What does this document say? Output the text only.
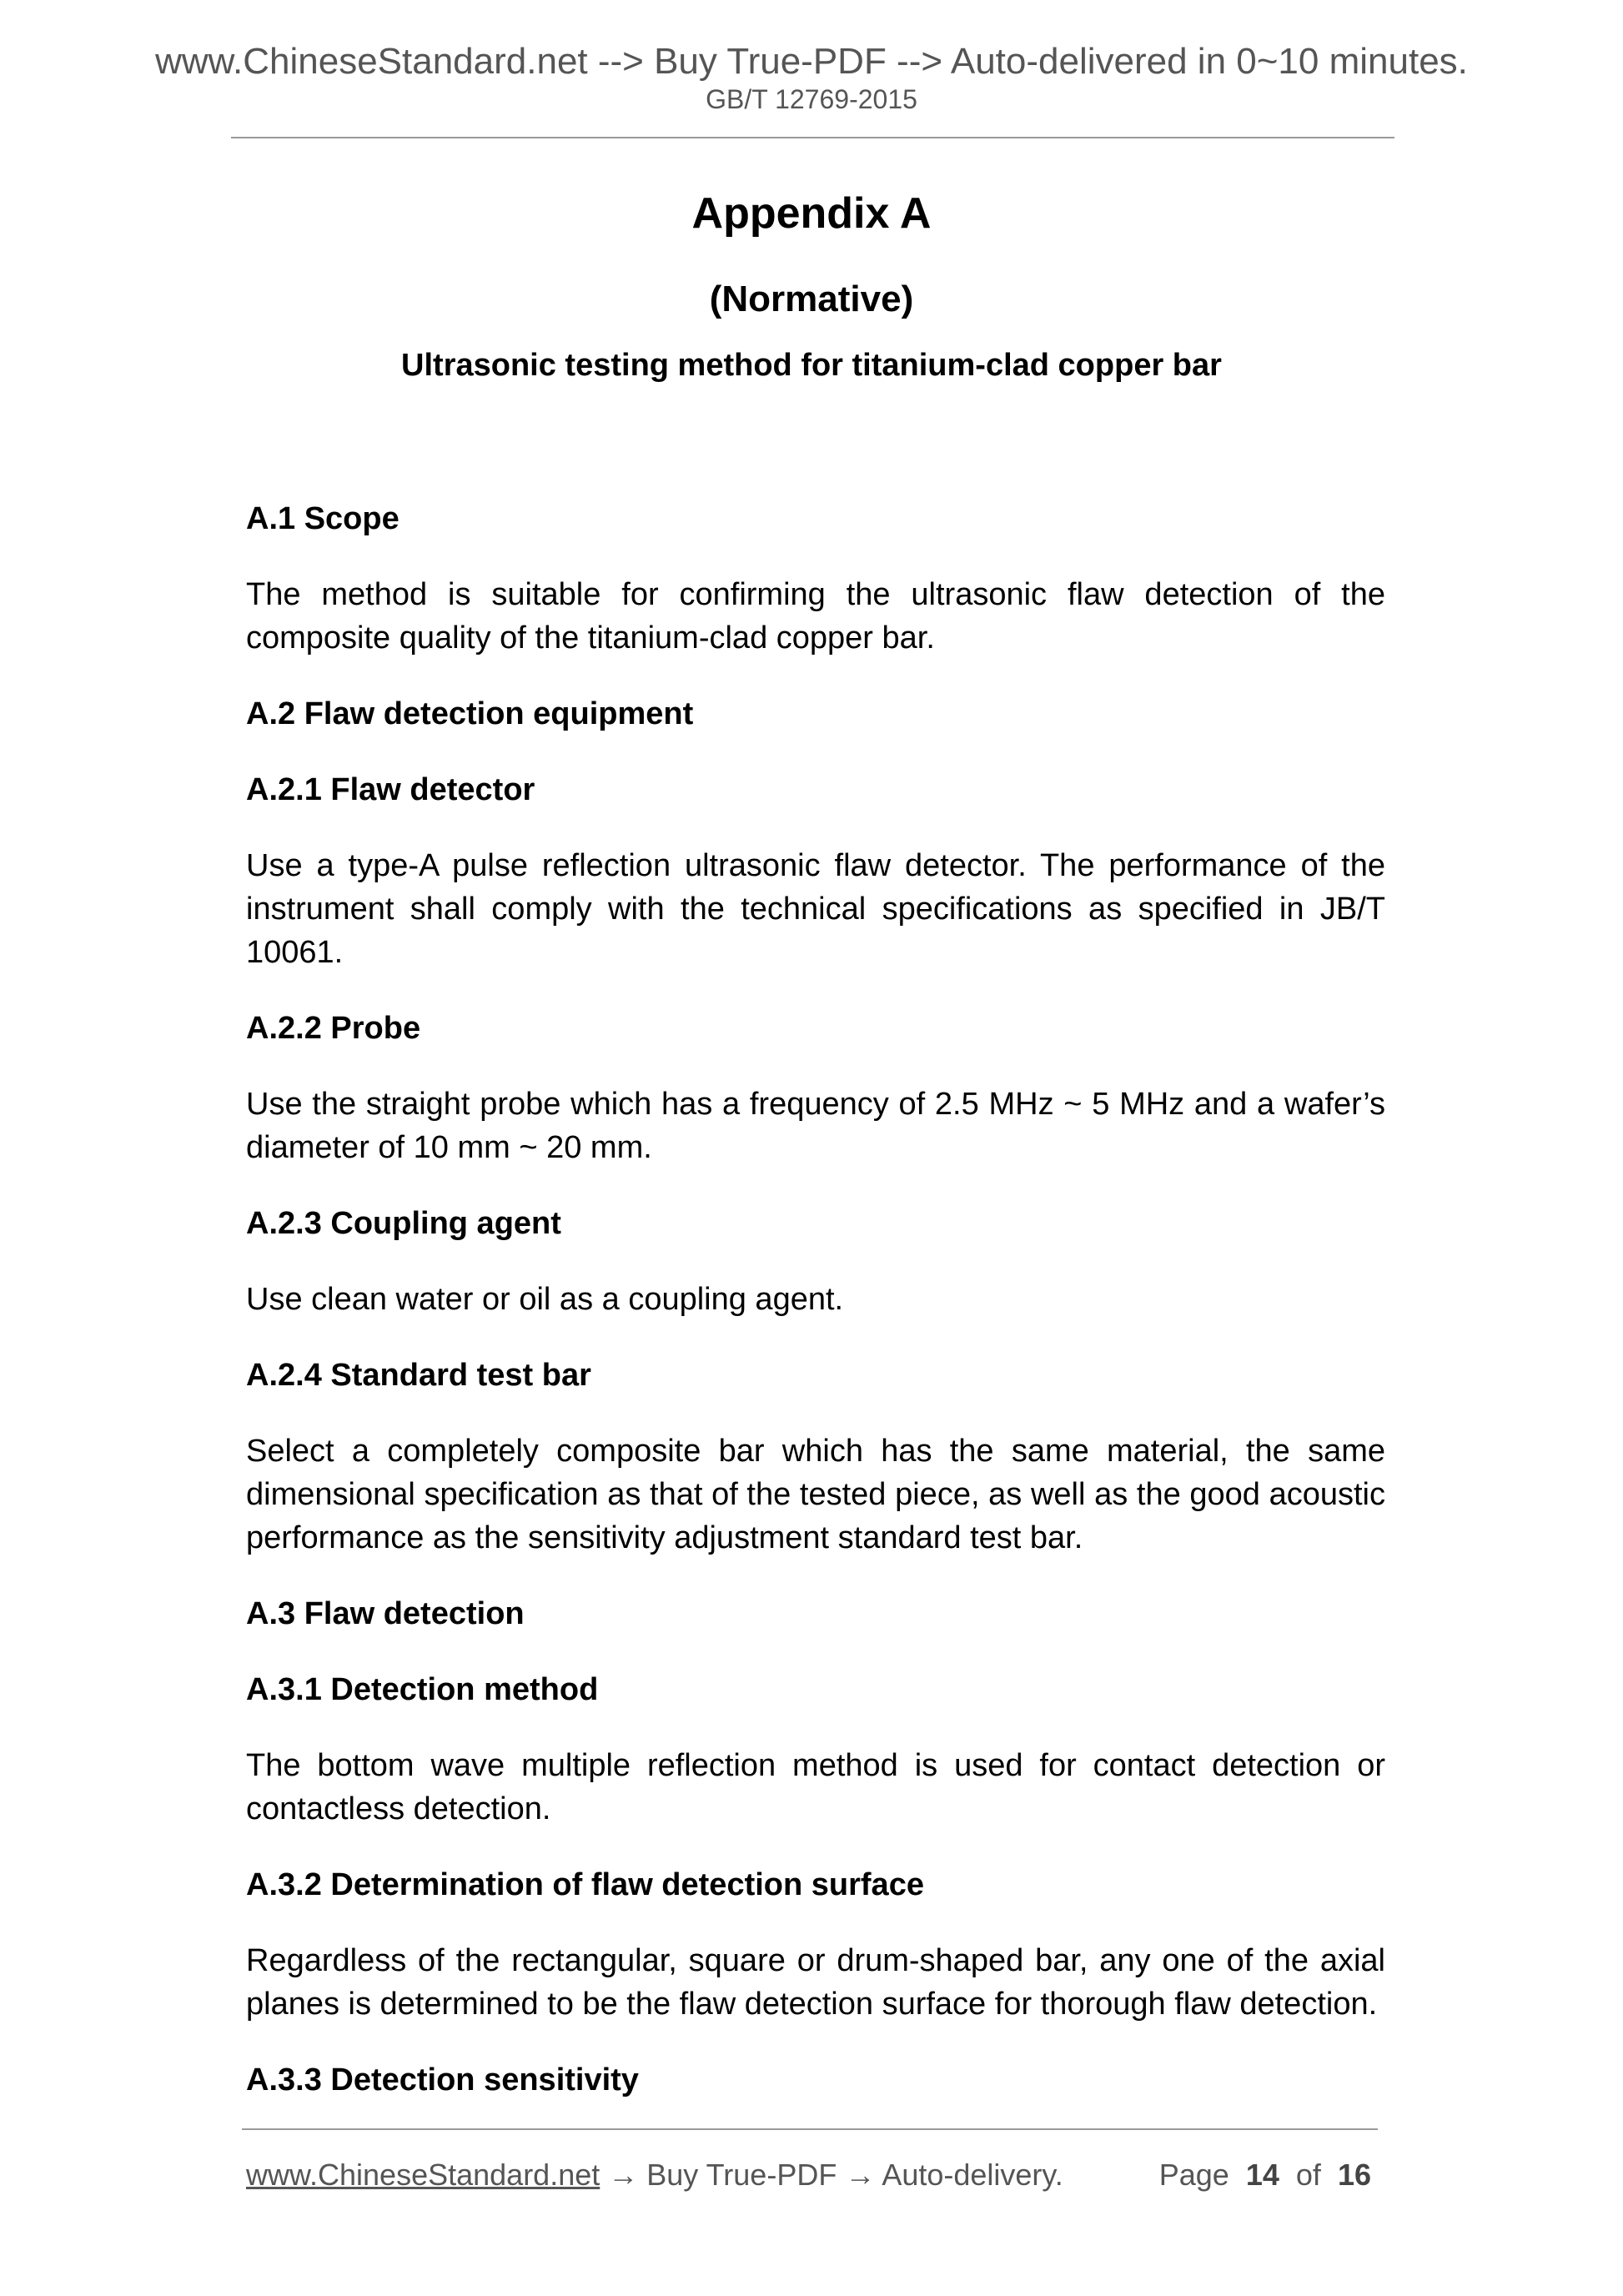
www.ChineseStandard.net --> Buy True-PDF --> Auto-delivered in 0~10 minutes.
GB/T 12769-2015
Appendix A
(Normative)
Ultrasonic testing method for titanium-clad copper bar
A.1 Scope
The method is suitable for confirming the ultrasonic flaw detection of the composite quality of the titanium-clad copper bar.
A.2 Flaw detection equipment
A.2.1 Flaw detector
Use a type-A pulse reflection ultrasonic flaw detector. The performance of the instrument shall comply with the technical specifications as specified in JB/T 10061.
A.2.2 Probe
Use the straight probe which has a frequency of 2.5 MHz ~ 5 MHz and a wafer’s diameter of 10 mm ~ 20 mm.
A.2.3 Coupling agent
Use clean water or oil as a coupling agent.
A.2.4 Standard test bar
Select a completely composite bar which has the same material, the same dimensional specification as that of the tested piece, as well as the good acoustic performance as the sensitivity adjustment standard test bar.
A.3 Flaw detection
A.3.1 Detection method
The bottom wave multiple reflection method is used for contact detection or contactless detection.
A.3.2 Determination of flaw detection surface
Regardless of the rectangular, square or drum-shaped bar, any one of the axial planes is determined to be the flaw detection surface for thorough flaw detection.
A.3.3 Detection sensitivity
www.ChineseStandard.net → Buy True-PDF → Auto-delivery.	Page 14 of 16
